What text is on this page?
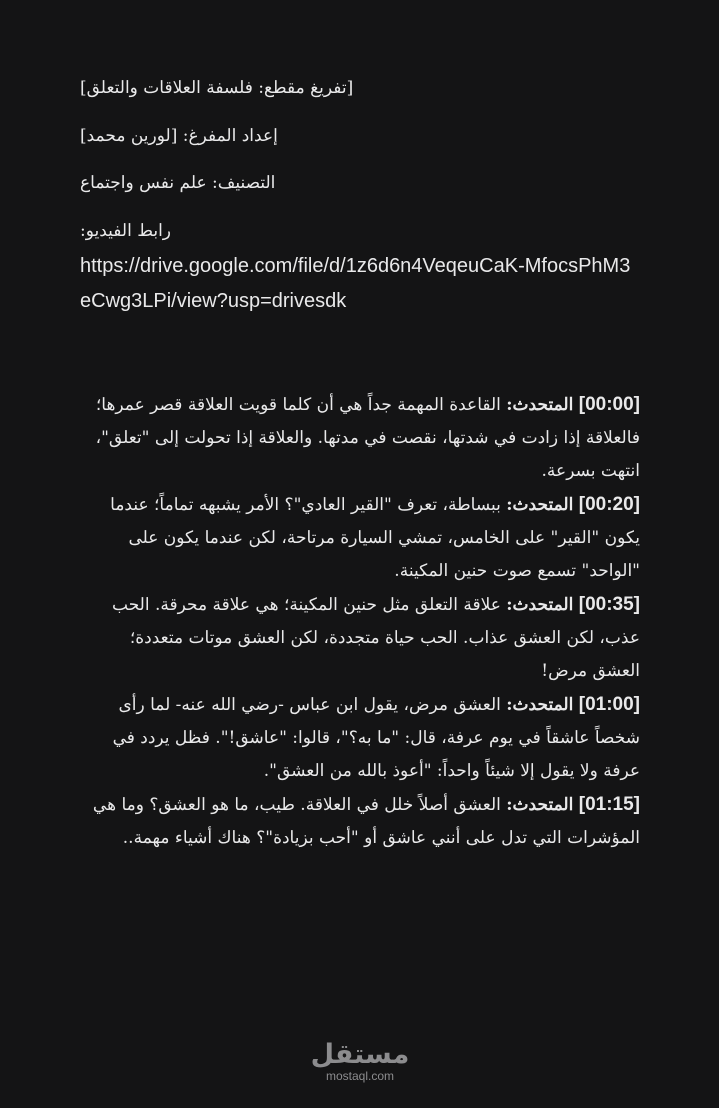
[تفريغ مقطع: فلسفة العلاقات والتعلق]
إعداد المفرغ: [لورين محمد]
التصنيف: علم نفس واجتماع
رابط الفيديو:
https://drive.google.com/file/d/1z6d6n4VeqeuCaK-MfocsPhM3eCwg3LPi/view?usp=drivesdk

[00:00] المتحدث: القاعدة المهمة جداً هي أن كلما قويت العلاقة قصر عمرها؛ فالعلاقة إذا زادت في شدتها، نقصت في مدتها. والعلاقة إذا تحولت إلى "تعلق"، انتهت بسرعة.

[00:20] المتحدث: ببساطة، تعرف "القير العادي"؟ الأمر يشبهه تماماً؛ عندما يكون "القير" على الخامس، تمشي السيارة مرتاحة، لكن عندما يكون على "الواحد" تسمع صوت حنين المكينة.

[00:35] المتحدث: علاقة التعلق مثل حنين المكينة؛ هي علاقة محرقة. الحب عذب، لكن العشق عذاب. الحب حياة متجددة، لكن العشق موتات متعددة؛ العشق مرض!

[01:00] المتحدث: العشق مرض، يقول ابن عباس -رضي الله عنه- لما رأى شخصاً عاشقاً في يوم عرفة، قال: "ما به؟"، قالوا: "عاشق!". فظل يردد في عرفة ولا يقول إلا شيئاً واحداً: "أعوذ بالله من العشق".

[01:15] المتحدث: العشق أصلاً خلل في العلاقة. طيب، ما هو العشق؟ وما هي المؤشرات التي تدل على أنني عاشق أو "أحب بزيادة"؟ هناك أشياء مهمة..

مستقل
mostaql.com
